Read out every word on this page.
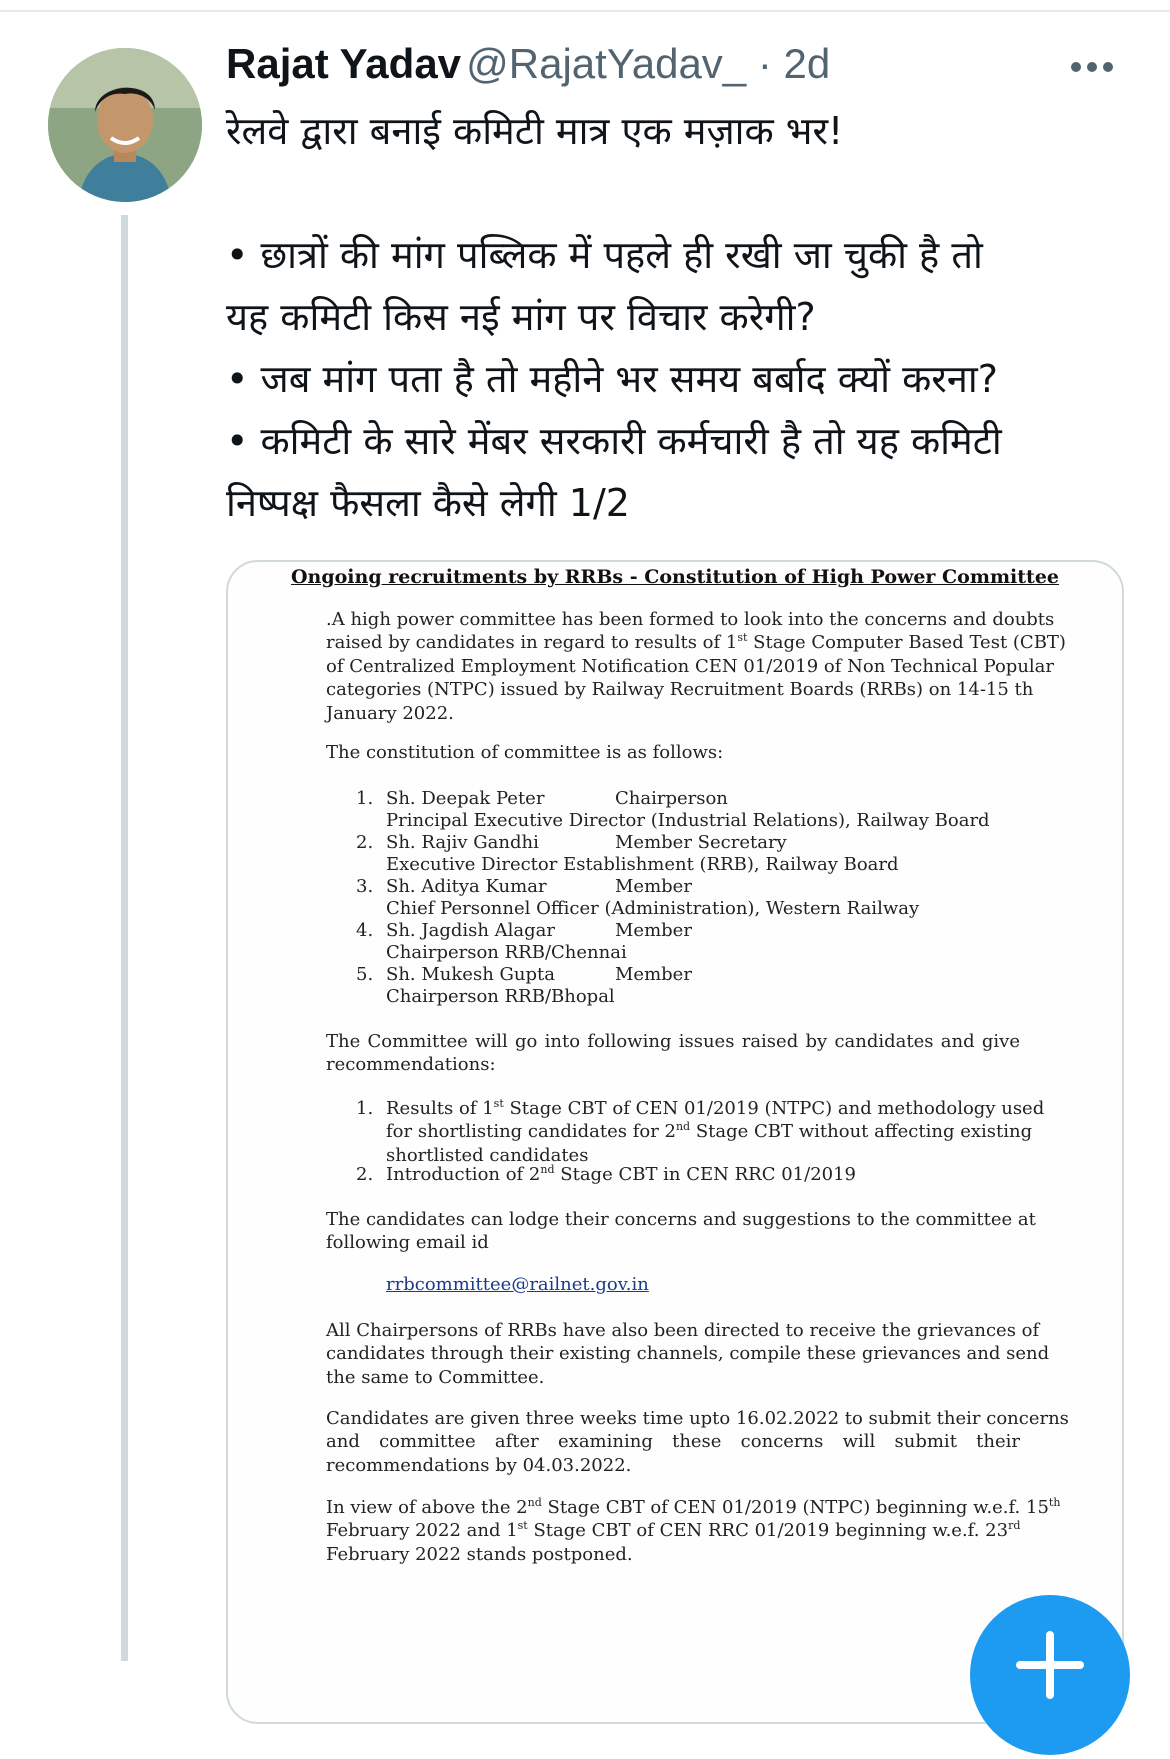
Rajat Yadav @RajatYadav_ · 2d
रेलवे द्वारा बनाई कमिटी मात्र एक मज़ाक भर!
• छात्रों की मांग पब्लिक में पहले ही रखी जा चुकी है तो
यह कमिटी किस नई मांग पर विचार करेगी?
• जब मांग पता है तो महीने भर समय बर्बाद क्यों करना?
• कमिटी के सारे मेंबर सरकारी कर्मचारी है तो यह कमिटी
निष्पक्ष फैसला कैसे लेगी 1/2
Ongoing recruitments by RRBs - Constitution of High Power Committee
.A high power committee has been formed to look into the concerns and doubts
raised by candidates in regard to results of 1st Stage Computer Based Test (CBT)
of Centralized Employment Notification CEN 01/2019 of Non Technical Popular
categories (NTPC) issued by Railway Recruitment Boards (RRBs) on 14-15 th
January 2022.
The constitution of committee is as follows:
1. Sh. Deepak Peter	Chairperson
Principal Executive Director (Industrial Relations), Railway Board
2. Sh. Rajiv Gandhi	Member Secretary
Executive Director Establishment (RRB), Railway Board
3. Sh. Aditya Kumar	Member
Chief Personnel Officer (Administration), Western Railway
4. Sh. Jagdish Alagar	Member
Chairperson RRB/Chennai
5. Sh. Mukesh Gupta	Member
Chairperson RRB/Bhopal
The Committee will go into following issues raised by candidates and give
recommendations:
1. Results of 1st Stage CBT of CEN 01/2019 (NTPC) and methodology used
for shortlisting candidates for 2nd Stage CBT without affecting existing
shortlisted candidates
2. Introduction of 2nd Stage CBT in CEN RRC 01/2019
The candidates can lodge their concerns and suggestions to the committee at
following email id
rrbcommittee@railnet.gov.in
All Chairpersons of RRBs have also been directed to receive the grievances of
candidates through their existing channels, compile these grievances and send
the same to Committee.
Candidates are given three weeks time upto 16.02.2022 to submit their concerns
and committee after examining these concerns will submit their
recommendations by 04.03.2022.
In view of above the 2nd Stage CBT of CEN 01/2019 (NTPC) beginning w.e.f. 15th
February 2022 and 1st Stage CBT of CEN RRC 01/2019 beginning w.e.f. 23rd
February 2022 stands postponed.
